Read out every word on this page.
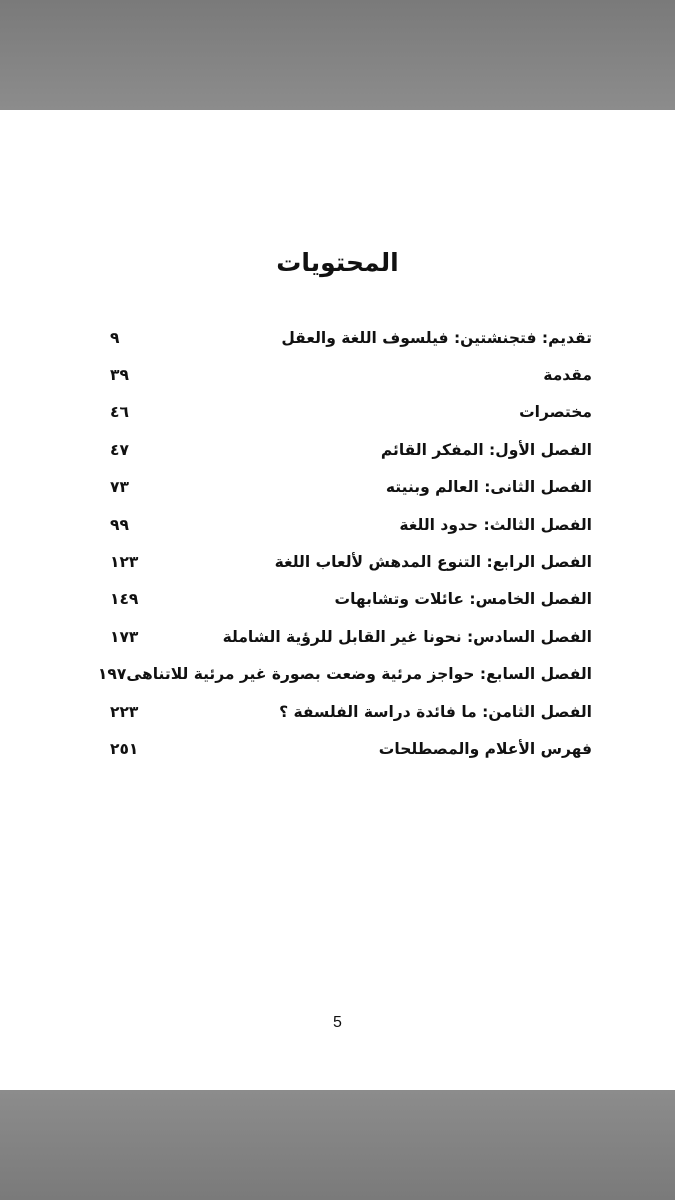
المحتويات
تقديم: فتجنشتين: فيلسوف اللغة والعقل
٩
مقدمة
٣٩
مختصرات
٤٦
الفصل الأول: المفكر القائم
٤٧
الفصل الثانى: العالم وبنيته
٧٣
الفصل الثالث: حدود اللغة
٩٩
الفصل الرابع: التنوع المدهش لألعاب اللغة
١٢٣
الفصل الخامس: عائلات وتشابهات
١٤٩
الفصل السادس: نحونا غير القابل للرؤية الشاملة
١٧٣
الفصل السابع: حواجز مرئية وضعت بصورة غير مرئية للاتناهى
١٩٧
الفصل الثامن: ما فائدة دراسة الفلسفة ؟
٢٢٣
فهرس الأعلام والمصطلحات
٢٥١
5
